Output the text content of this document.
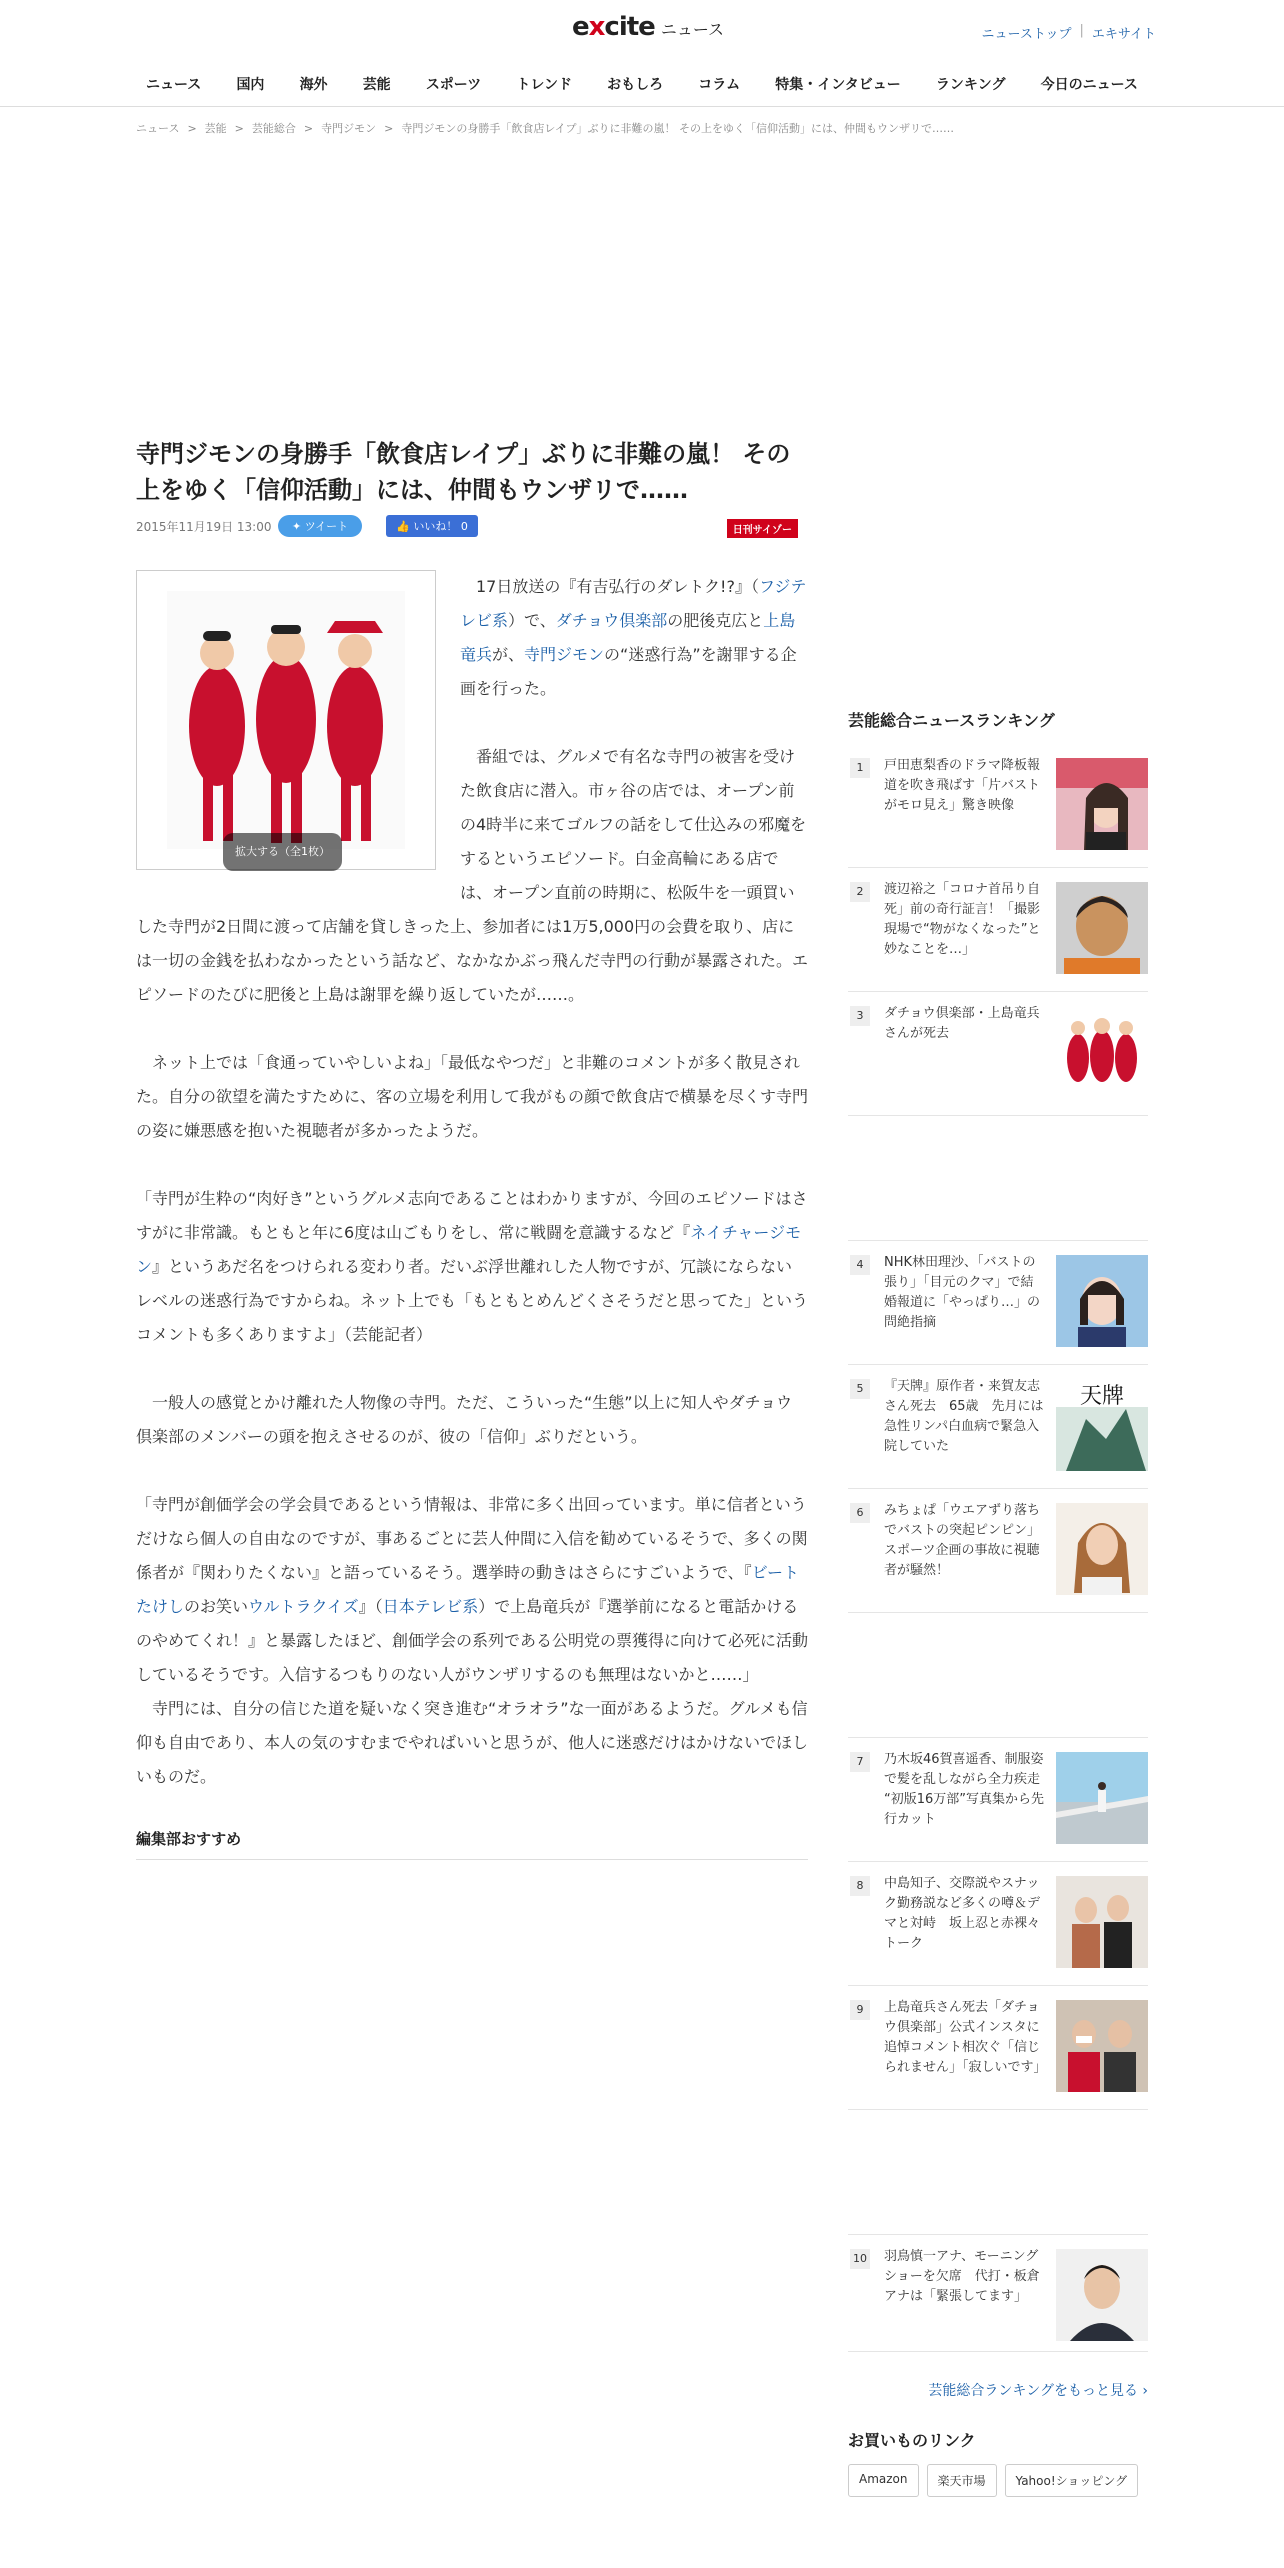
excite ニュース	ニューストップ | エキサイト
ニュース	国内	海外	芸能	スポーツ	トレンド	おもしろ	コラム	特集・インタビュー	ランキング	今日のニュース
ニュース > 芸能 > 芸能総合 > 寺門ジモン > 寺門ジモンの身勝手「飲食店レイプ」ぶりに非難の嵐！ その上をゆく「信仰活動」には、仲間もウンザリで……
寺門ジモンの身勝手「飲食店レイプ」ぶりに非難の嵐！ その上をゆく「信仰活動」には、仲間もウンザリで……
2015年11月19日 13:00	✦ ツイート	👍 いいね！ 0	日刊サイゾー
拡大する（全1枚）

　17日放送の『有吉弘行のダレトク!?』（フジテレビ系）で、ダチョウ倶楽部の肥後克広と上島竜兵が、寺門ジモンの“迷惑行為”を謝罪する企画を行った。

　番組では、グルメで有名な寺門の被害を受けた飲食店に潜入。市ヶ谷の店では、オープン前の4時半に来てゴルフの話をして仕込みの邪魔をするというエピソード。白金高輪にある店では、オープン直前の時期に、松阪牛を一頭買いした寺門が2日間に渡って店舗を貸しきった上、参加者には1万5,000円の会費を取り、店には一切の金銭を払わなかったという話など、なかなかぶっ飛んだ寺門の行動が暴露された。エピソードのたびに肥後と上島は謝罪を繰り返していたが……。

　ネット上では「食通っていやしいよね」「最低なやつだ」と非難のコメントが多く散見された。自分の欲望を満たすために、客の立場を利用して我がもの顔で飲食店で横暴を尽くす寺門の姿に嫌悪感を抱いた視聴者が多かったようだ。

「寺門が生粋の“肉好き”というグルメ志向であることはわかりますが、今回のエピソードはさすがに非常識。もともと年に6度は山ごもりをし、常に戦闘を意識するなど『ネイチャージモン』というあだ名をつけられる変わり者。だいぶ浮世離れした人物ですが、冗談にならないレベルの迷惑行為ですからね。ネット上でも「もともとめんどくさそうだと思ってた」というコメントも多くありますよ」（芸能記者）

　一般人の感覚とかけ離れた人物像の寺門。ただ、こういった“生態”以上に知人やダチョウ倶楽部のメンバーの頭を抱えさせるのが、彼の「信仰」ぶりだという。

「寺門が創価学会の学会員であるという情報は、非常に多く出回っています。単に信者というだけなら個人の自由なのですが、事あるごとに芸人仲間に入信を勧めているそうで、多くの関係者が『関わりたくない』と語っているそう。選挙時の動きはさらにすごいようで、『ビートたけしのお笑いウルトラクイズ』（日本テレビ系）で上島竜兵が『選挙前になると電話かけるのやめてくれ！』と暴露したほど、創価学会の系列である公明党の票獲得に向けて必死に活動しているそうです。入信するつもりのない人がウンザリするのも無理はないかと……」

　寺門には、自分の信じた道を疑いなく突き進む“オラオラ”な一面があるようだ。グルメも信仰も自由であり、本人の気のすむまでやればいいと思うが、他人に迷惑だけはかけないでほしいものだ。

編集部おすすめ
芸能総合ニュースランキング
1	戸田恵梨香のドラマ降板報道を吹き飛ばす「片バストがモロ見え」驚き映像
2	渡辺裕之「コロナ首吊り自死」前の奇行証言！「撮影現場で“物がなくなった”と妙なことを…」
3	ダチョウ倶楽部・上島竜兵さんが死去
4	NHK林田理沙、「バストの張り」「目元のクマ」で結婚報道に「やっぱり…」の問絶指摘
5	『天牌』原作者・来賀友志さん死去　65歳　先月には急性リンパ白血病で緊急入院していた
天牌
6	みちょぱ「ウエアずり落ちでバストの突起ピンピン」スポーツ企画の事故に視聴者が騒然！
7	乃木坂46賀喜遥香、制服姿で髪を乱しながら全力疾走 “初版16万部”写真集から先行カット
8	中島知子、交際説やスナック勤務説など多くの噂＆デマと対峙　坂上忍と赤裸々トーク
9	上島竜兵さん死去「ダチョウ倶楽部」公式インスタに追悼コメント相次ぐ「信じられません」「寂しいです」
10 羽鳥慎一アナ、モーニングショーを欠席　代打・板倉アナは「緊張してます」
芸能総合ランキングをもっと見る ›
お買いものリンク
Amazon	楽天市場	Yahoo!ショッピング
